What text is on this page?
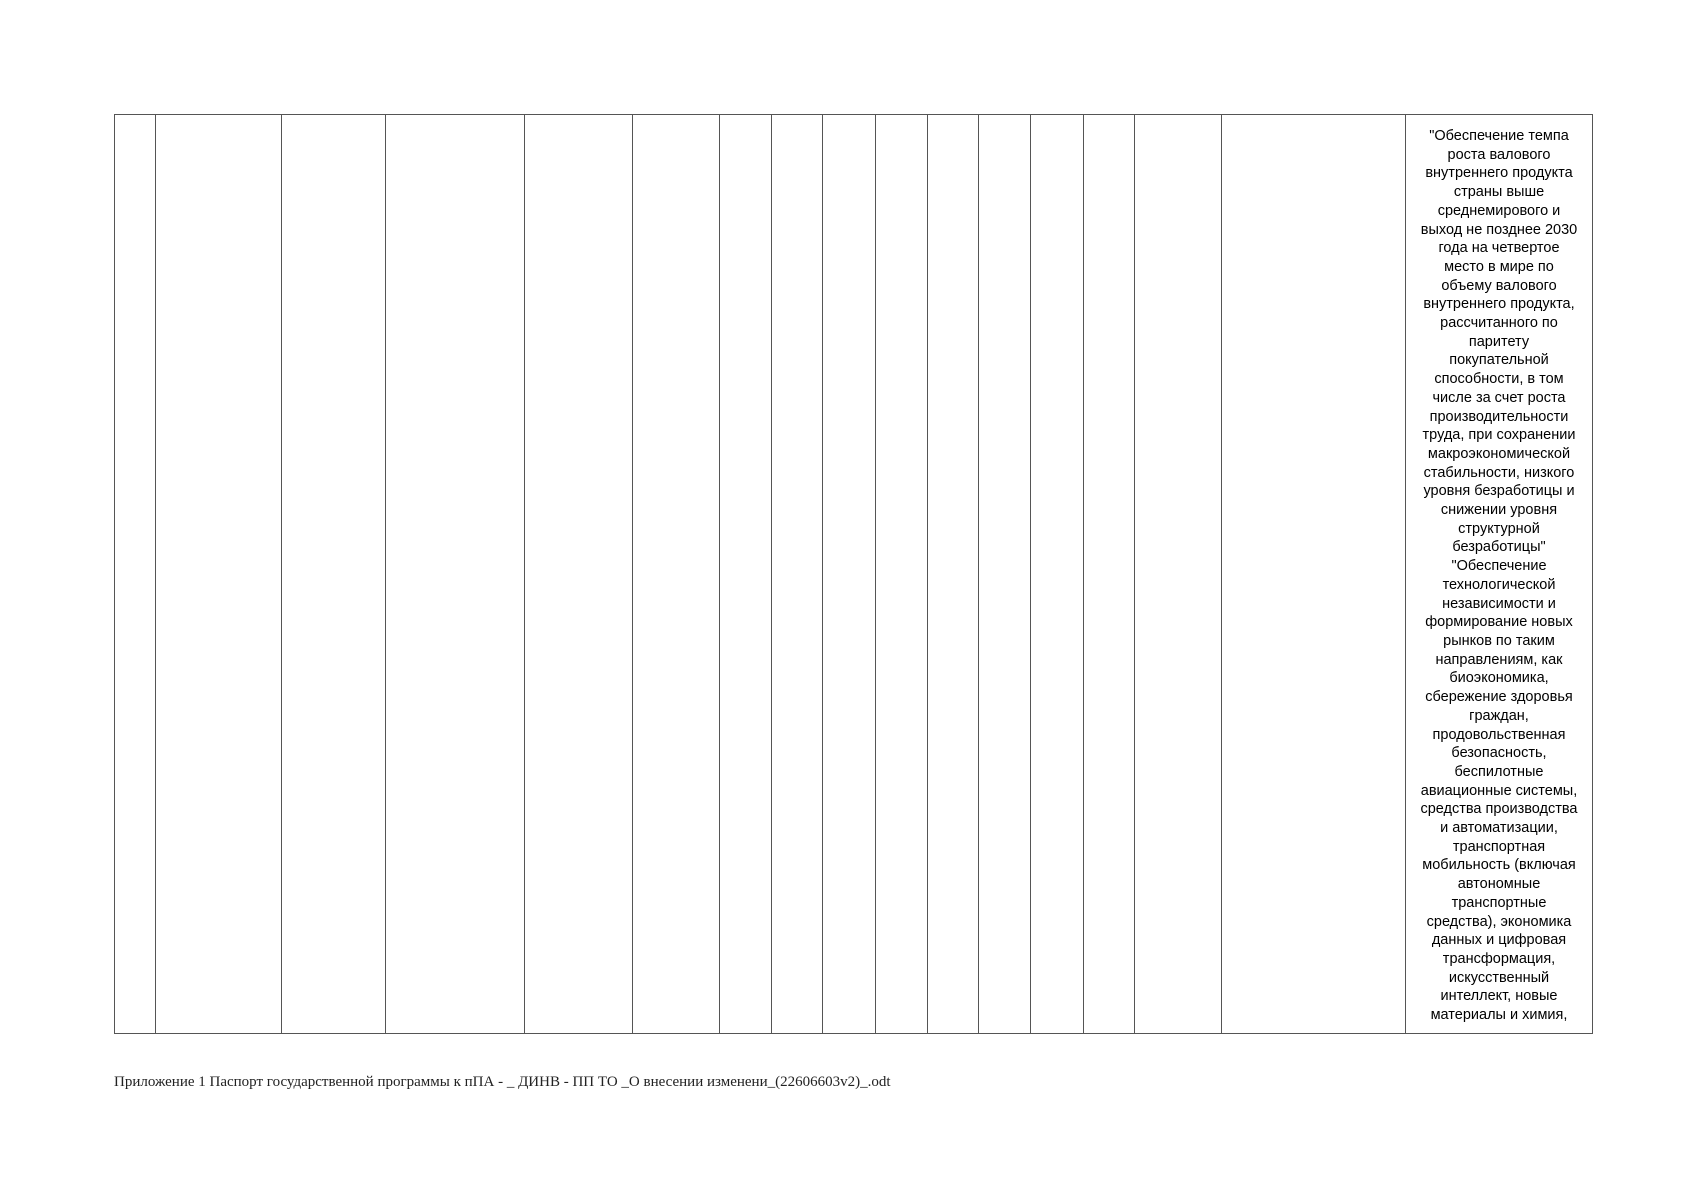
																"Обеспечение темпа
роста валового
внутреннего продукта
страны выше
среднемирового и
выход не позднее 2030
года на четвертое
место в мире по
объему валового
внутреннего продукта,
рассчитанного по
паритету
покупательной
способности, в том
числе за счет роста
производительности
труда, при сохранении
макроэкономической
стабильности, низкого
уровня безработицы и
снижении уровня
структурной
безработицы"
"Обеспечение
технологической
независимости и
формирование новых
рынков по таким
направлениям, как
биоэкономика,
сбережение здоровья
граждан,
продовольственная
безопасность,
беспилотные
авиационные системы,
средства производства
и автоматизации,
транспортная
мобильность (включая
автономные
транспортные
средства), экономика
данных и цифровая
трансформация,
искусственный
интеллект, новые
материалы и химия,
Приложение 1 Паспорт государственной программы к пПА - _ ДИНВ - ПП ТО _О внесении изменени_(22606603v2)_.odt
